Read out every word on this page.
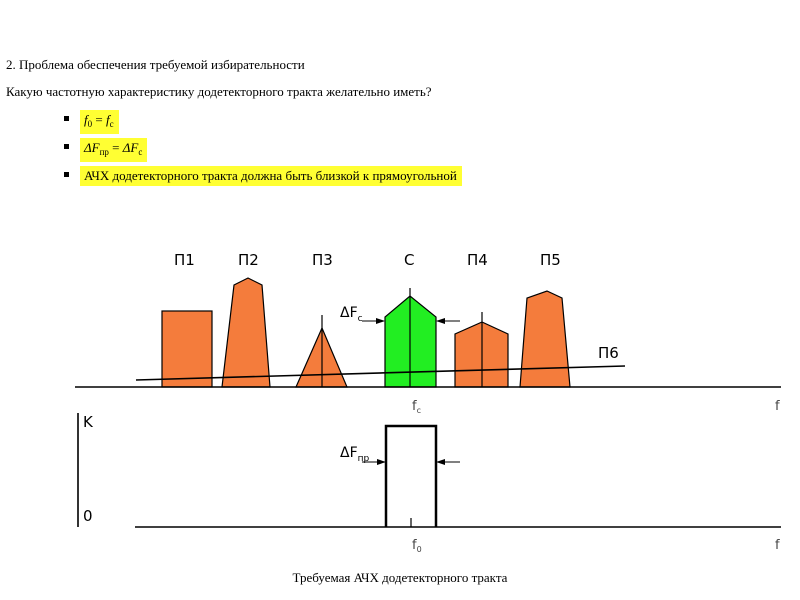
2. Проблема обеспечения требуемой избирательности
Какую частотную характеристику додетекторного тракта желательно иметь?
$f_0 = f_c$
$\Delta F_{пр} = \Delta F_c$
АЧХ додетекторного тракта должна быть близкой к прямоугольной
П1	П2	П3	С	П4	П5
П6
$\Delta F_c$
$f_c$	f
K
0
$\Delta F_{пр}$
$f_0$	f
Требуемая АЧХ додетекторного тракта
